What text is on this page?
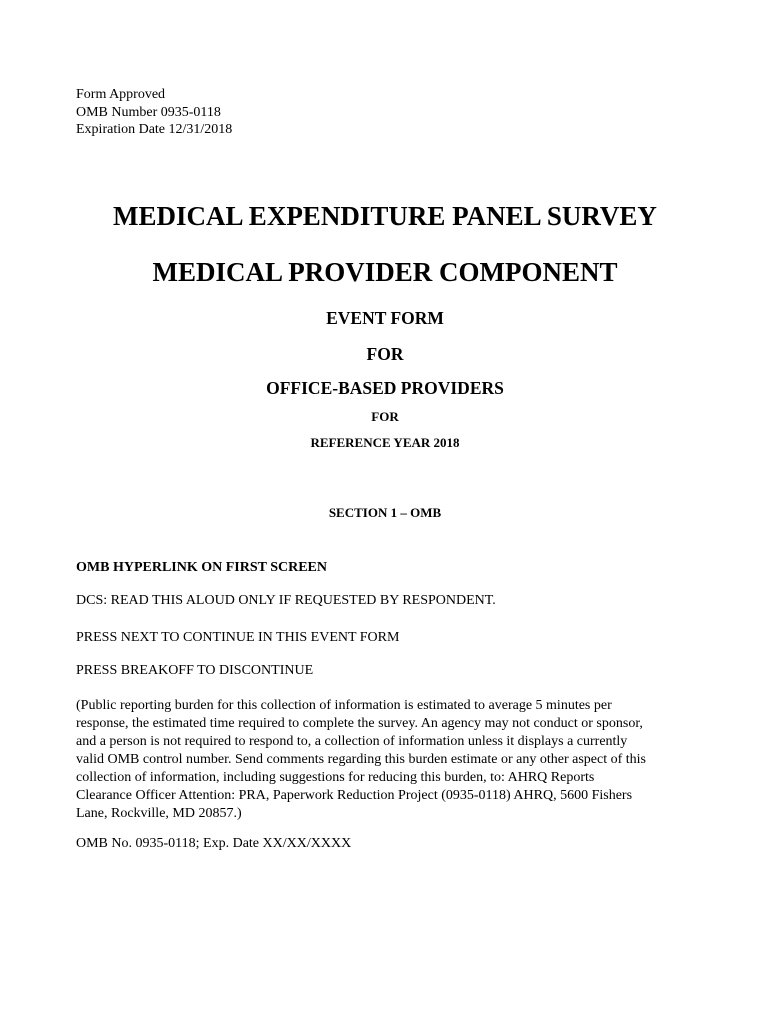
Form Approved
OMB Number 0935-0118
Expiration Date 12/31/2018
MEDICAL EXPENDITURE PANEL SURVEY
MEDICAL PROVIDER COMPONENT
EVENT FORM
FOR
OFFICE-BASED PROVIDERS
FOR
REFERENCE YEAR 2018
SECTION 1 – OMB
OMB HYPERLINK ON FIRST SCREEN
DCS: READ THIS ALOUD ONLY IF REQUESTED BY RESPONDENT.
PRESS NEXT TO CONTINUE IN THIS EVENT FORM
PRESS BREAKOFF TO DISCONTINUE
(Public reporting burden for this collection of information is estimated to average 5 minutes per
response, the estimated time required to complete the survey. An agency may not conduct or sponsor,
and a person is not required to respond to, a collection of information unless it displays a currently
valid OMB control number. Send comments regarding this burden estimate or any other aspect of this
collection of information, including suggestions for reducing this burden, to: AHRQ Reports
Clearance Officer Attention: PRA, Paperwork Reduction Project (0935-0118) AHRQ, 5600 Fishers
Lane, Rockville, MD 20857.)
OMB No. 0935-0118; Exp. Date XX/XX/XXXX
